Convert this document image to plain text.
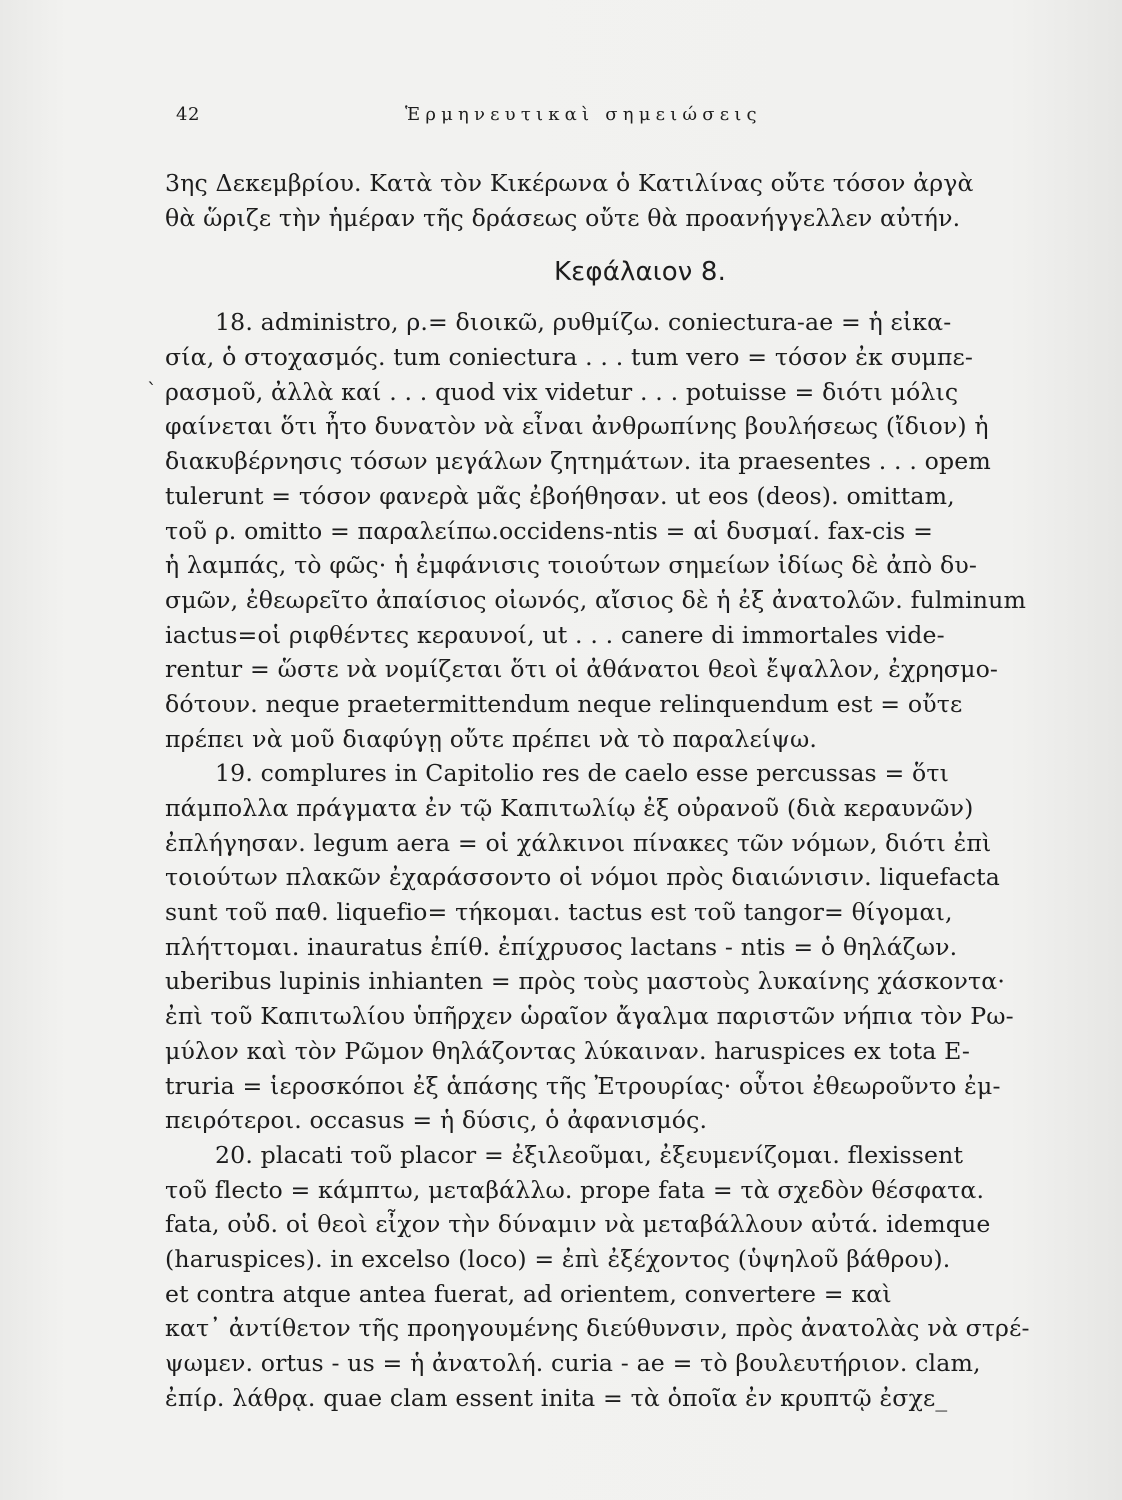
42	Ἑρμηνευτικαὶ σημειώσεις
`
3ης Δεκεμβρίου. Κατὰ τὸν Κικέρωνα ὁ Κατιλίνας οὔτε τόσον ἀργὰ
θὰ ὥριζε τὴν ἡμέραν τῆς δράσεως οὔτε θὰ προανήγγελλεν αὐτήν.
Κεφάλαιον 8.
18. administro, ρ.= διοικῶ, ρυθμίζω. coniectura-ae = ἡ εἰκα-
σία, ὁ στοχασμός. tum coniectura . . . tum vero = τόσον ἐκ συμπε-
ρασμοῦ, ἀλλὰ καί . . . quod vix videtur . . . potuisse = διότι μόλις
φαίνεται ὅτι ἦτο δυνατὸν νὰ εἶναι ἀνθρωπίνης βουλήσεως (ἴδιον) ἡ
διακυβέρνησις τόσων μεγάλων ζητημάτων. ita praesentes . . . opem
tulerunt = τόσον φανερὰ μᾶς ἐβοήθησαν. ut eos (deos). omittam,
τοῦ ρ. omitto = παραλείπω.occidens-ntis = αἱ δυσμαί. fax-cis =
ἡ λαμπάς, τὸ φῶς· ἡ ἐμφάνισις τοιούτων σημείων ἰδίως δὲ ἀπὸ δυ-
σμῶν, ἐθεωρεῖτο ἀπαίσιος οἰωνός, αἴσιος δὲ ἡ ἐξ ἀνατολῶν. fulminum
iactus=οἱ ριφθέντες κεραυνοί, ut . . . canere di immortales vide-
rentur = ὥστε νὰ νομίζεται ὅτι οἱ ἀθάνατοι θεοὶ ἔψαλλον, ἐχρησμο-
δότουν. neque praetermittendum neque relinquendum est = οὔτε
πρέπει νὰ μοῦ διαφύγῃ οὔτε πρέπει νὰ τὸ παραλείψω.
19. complures in Capitolio res de caelo esse percussas = ὅτι
πάμπολλα πράγματα ἐν τῷ Καπιτωλίῳ ἐξ οὐρανοῦ (διὰ κεραυνῶν)
ἐπλήγησαν. legum aera = οἱ χάλκινοι πίνακες τῶν νόμων, διότι ἐπὶ
τοιούτων πλακῶν ἐχαράσσοντο οἱ νόμοι πρὸς διαιώνισιν. liquefacta
sunt τοῦ παθ. liquefio= τήκομαι. tactus est τοῦ tangor= θίγομαι,
πλήττομαι. inauratus ἐπίθ. ἐπίχρυσος lactans - ntis = ὁ θηλάζων.
uberibus lupinis inhianten = πρὸς τοὺς μαστοὺς λυκαίνης χάσκοντα·
ἐπὶ τοῦ Καπιτωλίου ὑπῆρχεν ὡραῖον ἄγαλμα παριστῶν νήπια τὸν Ρω-
μύλον καὶ τὸν Ρῶμον θηλάζοντας λύκαιναν. haruspices ex tota E-
truria = ἱεροσκόποι ἐξ ἁπάσης τῆς Ἐτρουρίας· οὗτοι ἐθεωροῦντο ἐμ-
πειρότεροι. occasus = ἡ δύσις, ὁ ἀφανισμός.
20. placati τοῦ placor = ἐξιλεοῦμαι, ἐξευμενίζομαι. flexissent
τοῦ flecto = κάμπτω, μεταβάλλω. prope fata = τὰ σχεδὸν θέσφατα.
fata, οὐδ. οἱ θεοὶ εἶχον τὴν δύναμιν νὰ μεταβάλλουν αὐτά. idemque
(haruspices). in excelso (loco) = ἐπὶ ἐξέχοντος (ὑψηλοῦ βάθρου).
et contra atque antea fuerat, ad orientem, convertere = καὶ
κατ᾽ ἀντίθετον τῆς προηγουμένης διεύθυνσιν, πρὸς ἀνατολὰς νὰ στρέ-
ψωμεν. ortus - us = ἡ ἀνατολή. curia - ae = τὸ βουλευτήριον. clam,
ἐπίρ. λάθρᾳ. quae clam essent inita = τὰ ὁποῖα ἐν κρυπτῷ ἐσχε_
